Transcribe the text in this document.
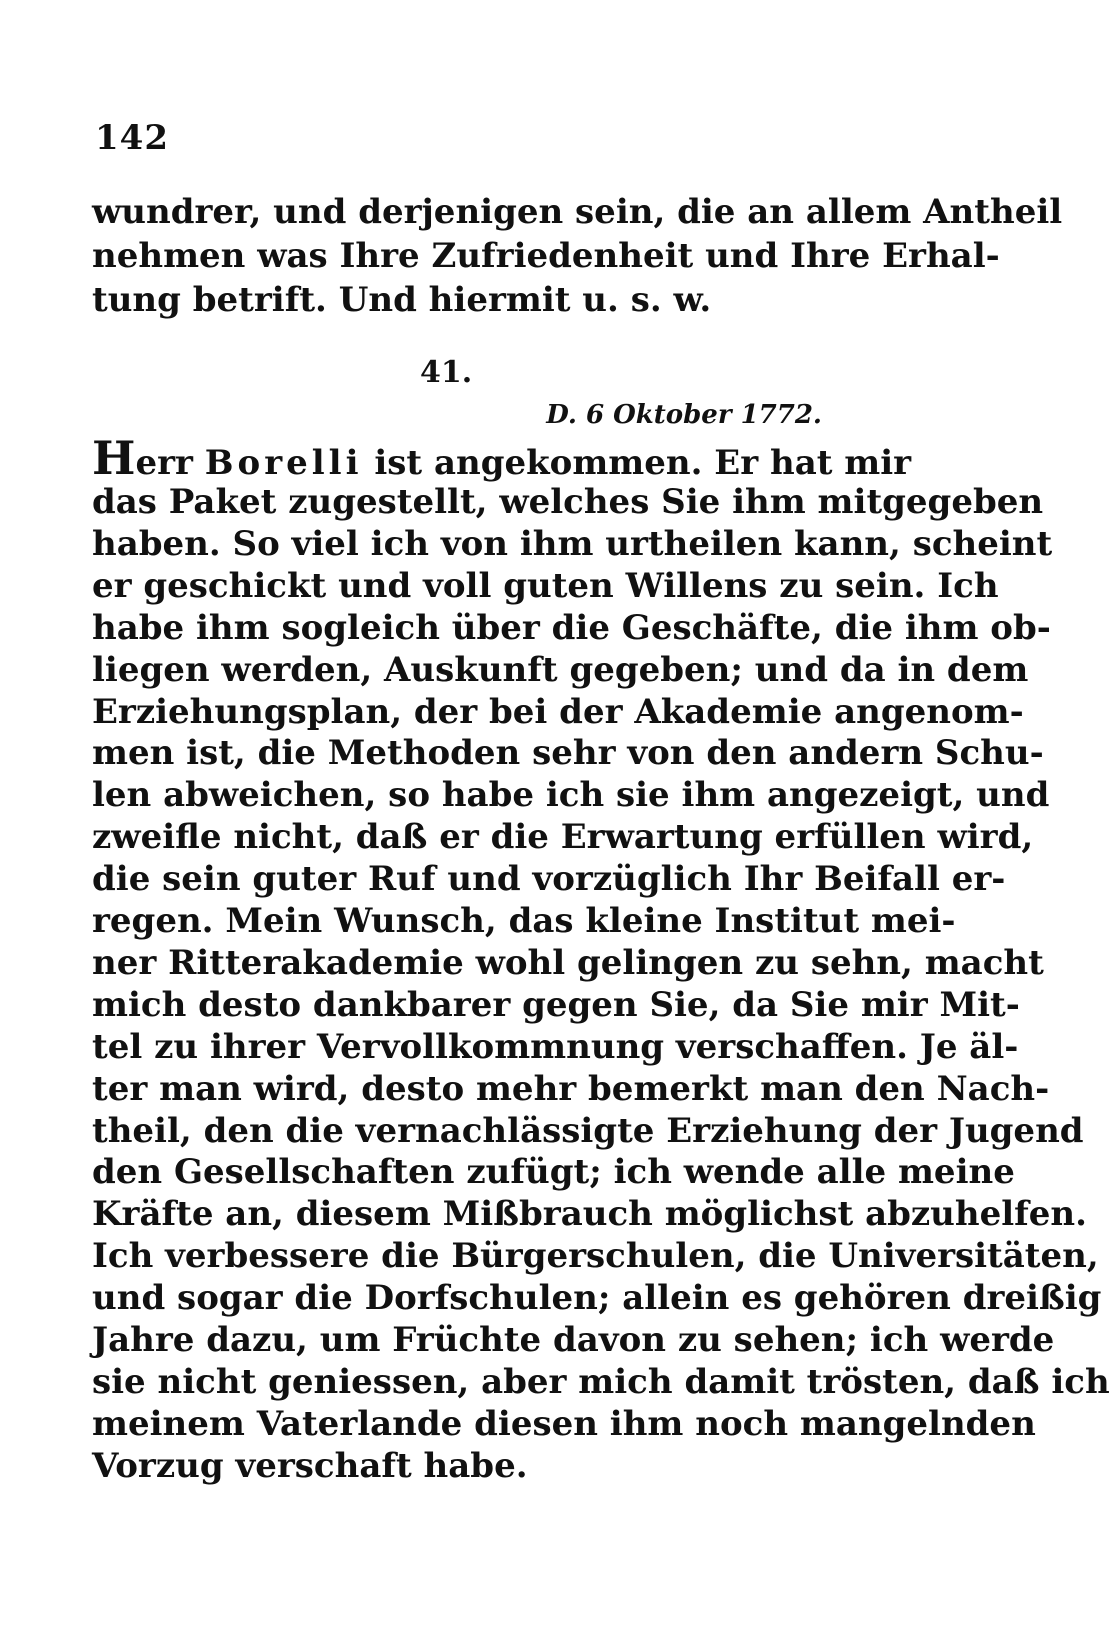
142
wundrer, und derjenigen sein, die an allem Antheil
nehmen was Ihre Zufriedenheit und Ihre Erhal-
tung betrift. Und hiermit u. s. w.
41.
D. 6 Oktober 1772.
Herr Borelli ist angekommen. Er hat mir
das Paket zugestellt, welches Sie ihm mitgegeben
haben. So viel ich von ihm urtheilen kann, scheint
er geschickt und voll guten Willens zu sein. Ich
habe ihm sogleich über die Geschäfte, die ihm ob-
liegen werden, Auskunft gegeben; und da in dem
Erziehungsplan, der bei der Akademie angenom-
men ist, die Methoden sehr von den andern Schu-
len abweichen, so habe ich sie ihm angezeigt, und
zweifle nicht, daß er die Erwartung erfüllen wird,
die sein guter Ruf und vorzüglich Ihr Beifall er-
regen. Mein Wunsch, das kleine Institut mei-
ner Ritterakademie wohl gelingen zu sehn, macht
mich desto dankbarer gegen Sie, da Sie mir Mit-
tel zu ihrer Vervollkommnung verschaffen. Je äl-
ter man wird, desto mehr bemerkt man den Nach-
theil, den die vernachlässigte Erziehung der Jugend
den Gesellschaften zufügt; ich wende alle meine
Kräfte an, diesem Mißbrauch möglichst abzuhelfen.
Ich verbessere die Bürgerschulen, die Universitäten,
und sogar die Dorfschulen; allein es gehören dreißig
Jahre dazu, um Früchte davon zu sehen; ich werde
sie nicht geniessen, aber mich damit trösten, daß ich
meinem Vaterlande diesen ihm noch mangelnden
Vorzug verschaft habe.
